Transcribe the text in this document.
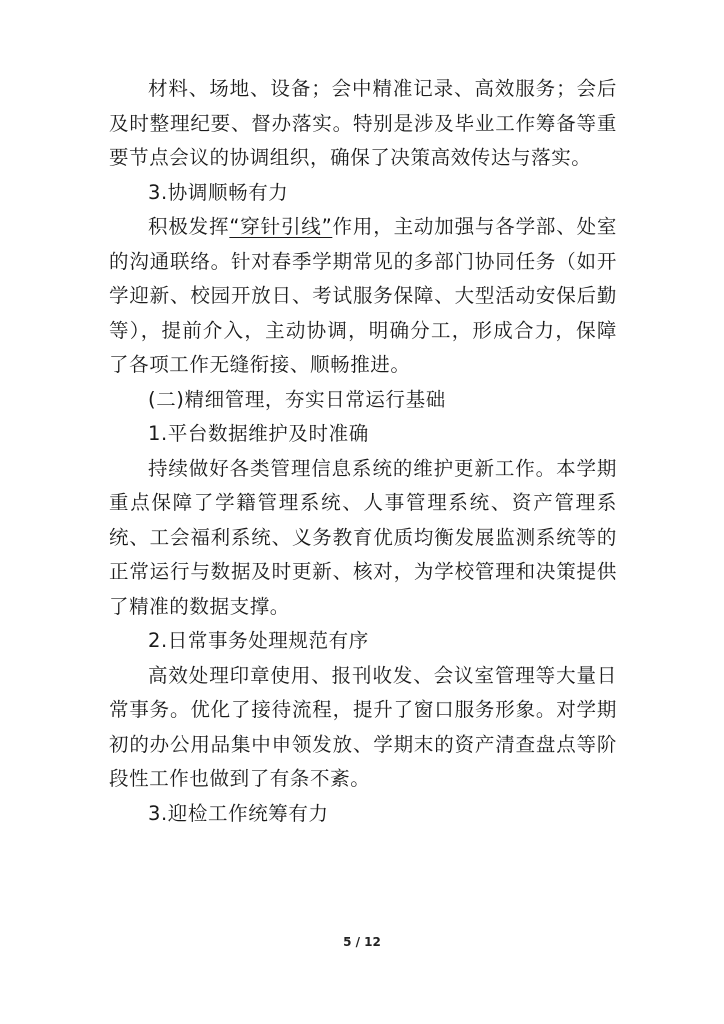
材料、场地、设备；会中精准记录、高效服务；会后及时整理纪要、督办落实。特别是涉及毕业工作筹备等重要节点会议的协调组织，确保了决策高效传达与落实。

3.协调顺畅有力

积极发挥“穿针引线”作用，主动加强与各学部、处室的沟通联络。针对春季学期常见的多部门协同任务（如开学迎新、校园开放日、考试服务保障、大型活动安保后勤等），提前介入，主动协调，明确分工，形成合力，保障了各项工作无缝衔接、顺畅推进。

(二)精细管理，夯实日常运行基础

1.平台数据维护及时准确

持续做好各类管理信息系统的维护更新工作。本学期重点保障了学籍管理系统、人事管理系统、资产管理系统、工会福利系统、义务教育优质均衡发展监测系统等的正常运行与数据及时更新、核对，为学校管理和决策提供了精准的数据支撑。

2.日常事务处理规范有序

高效处理印章使用、报刊收发、会议室管理等大量日常事务。优化了接待流程，提升了窗口服务形象。对学期初的办公用品集中申领发放、学期末的资产清查盘点等阶段性工作也做到了有条不紊。

3.迎检工作统筹有力

5 / 12
